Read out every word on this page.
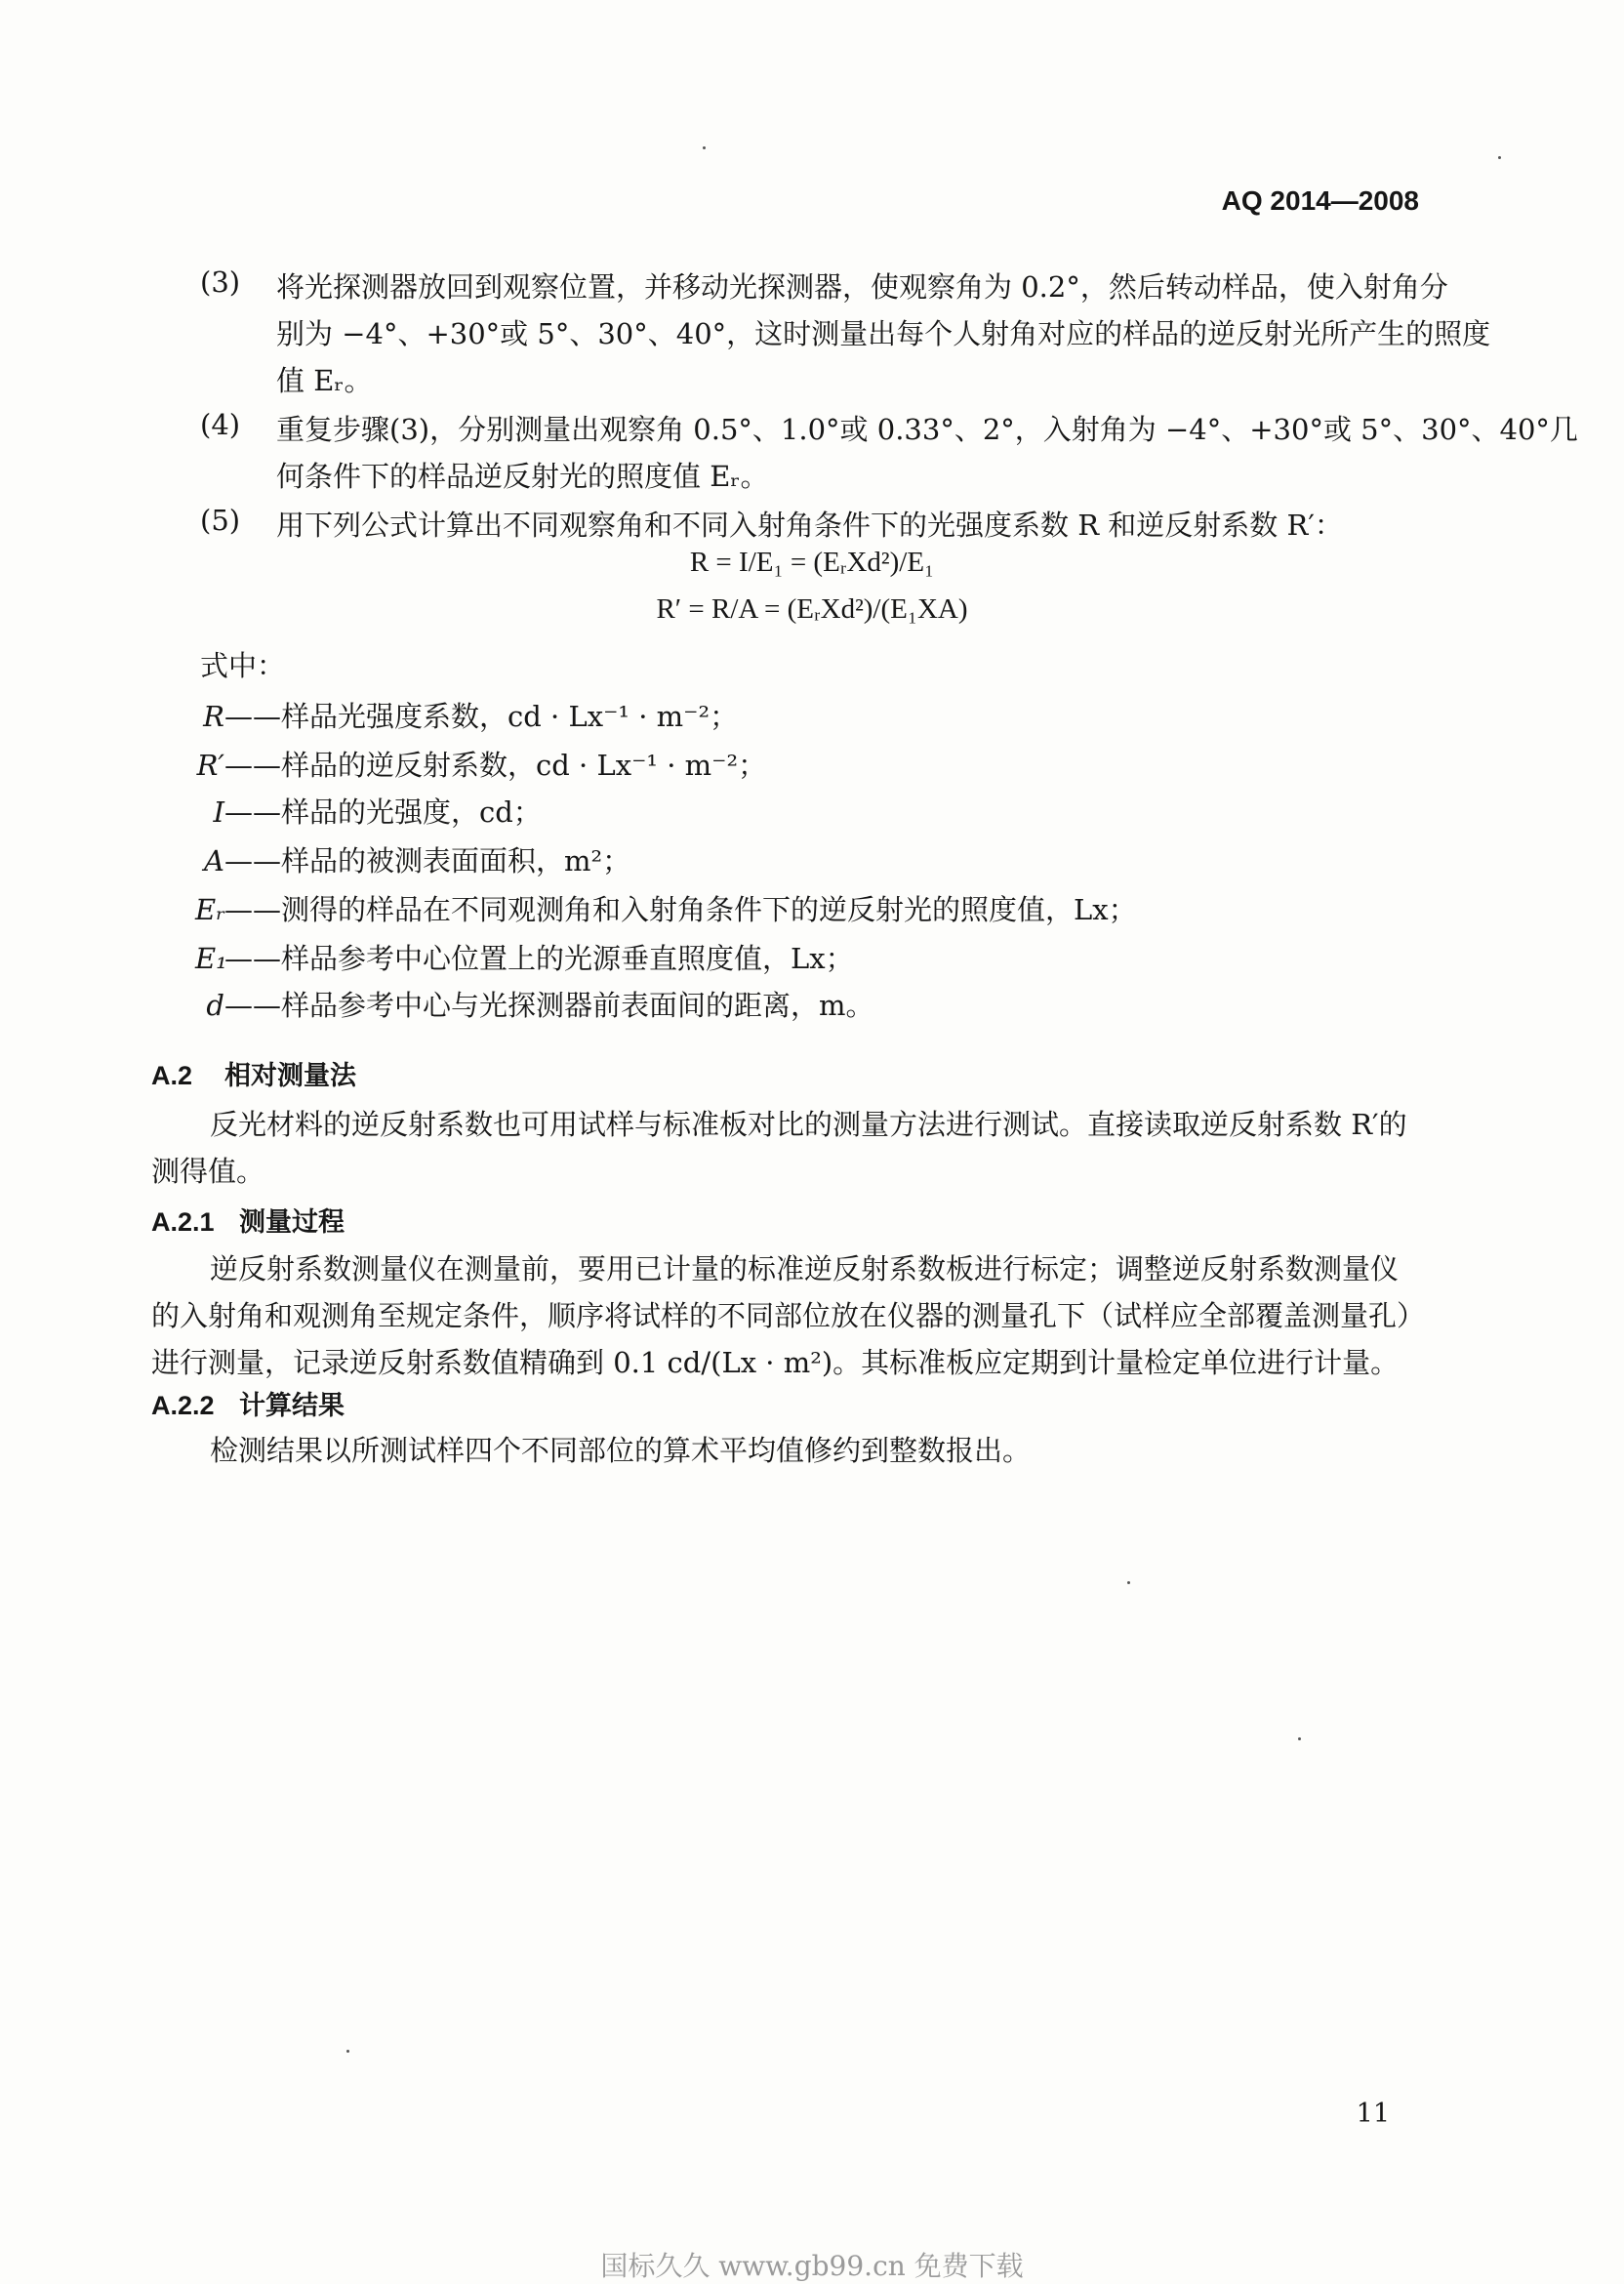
AQ 2014—2008
(3) 将光探测器放回到观察位置，并移动光探测器，使观察角为 0.2°，然后转动样品，使入射角分
别为 −4°、+30°或 5°、30°、40°，这时测量出每个人射角对应的样品的逆反射光所产生的照度
值 Eᵣ。
(4) 重复步骤(3)，分别测量出观察角 0.5°、1.0°或 0.33°、2°，入射角为 −4°、+30°或 5°、30°、40°几
何条件下的样品逆反射光的照度值 Eᵣ。
(5) 用下列公式计算出不同观察角和不同入射角条件下的光强度系数 R 和逆反射系数 R′：
R = I/E₁ = (EᵣXd²)/E₁
R′ = R/A = (EᵣXd²)/(E₁XA)
式中：
R——样品光强度系数，cd · Lx⁻¹ · m⁻²；
R′——样品的逆反射系数，cd · Lx⁻¹ · m⁻²；
I——样品的光强度，cd；
A——样品的被测表面面积，m²；
Eᵣ——测得的样品在不同观测角和入射角条件下的逆反射光的照度值，Lx；
E₁——样品参考中心位置上的光源垂直照度值，Lx；
d——样品参考中心与光探测器前表面间的距离，m。
A.2 相对测量法
反光材料的逆反射系数也可用试样与标准板对比的测量方法进行测试。直接读取逆反射系数 R′的测得值。
A.2.1 测量过程
逆反射系数测量仪在测量前，要用已计量的标准逆反射系数板进行标定；调整逆反射系数测量仪的入射角和观测角至规定条件，顺序将试样的不同部位放在仪器的测量孔下（试样应全部覆盖测量孔）进行测量，记录逆反射系数值精确到 0.1 cd/(Lx · m²)。其标准板应定期到计量检定单位进行计量。
A.2.2 计算结果
检测结果以所测试样四个不同部位的算术平均值修约到整数报出。
11
国标久久 www.gb99.cn 免费下载
